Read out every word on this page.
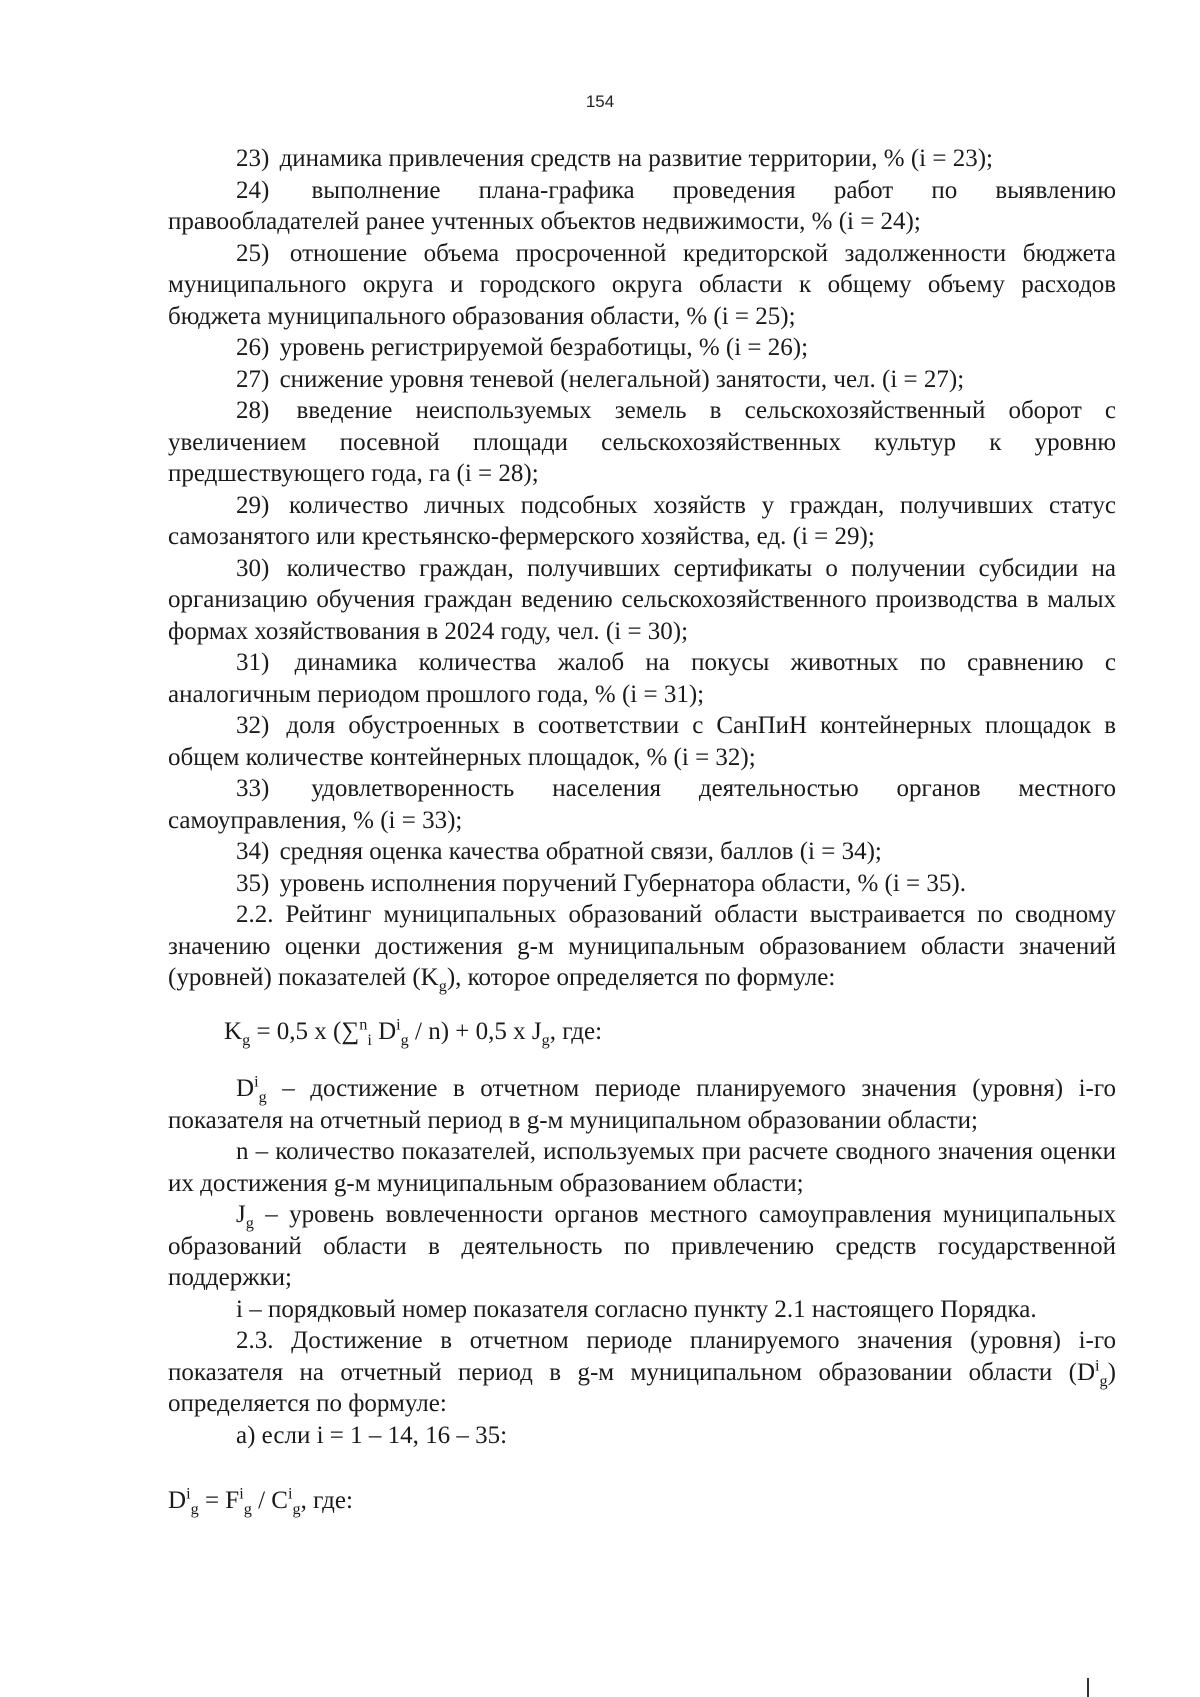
154

23) динамика привлечения средств на развитие территории, % (i = 23);

24) выполнение плана-графика проведения работ по выявлению правообладателей ранее учтенных объектов недвижимости, % (i = 24);

25) отношение объема просроченной кредиторской задолженности бюджета муниципального округа и городского округа области к общему объему расходов бюджета муниципального образования области, % (i = 25);

26) уровень регистрируемой безработицы, % (i = 26);

27) снижение уровня теневой (нелегальной) занятости, чел. (i = 27);

28) введение неиспользуемых земель в сельскохозяйственный оборот с увеличением посевной площади сельскохозяйственных культур к уровню предшествующего года, га (i = 28);

29) количество личных подсобных хозяйств у граждан, получивших статус самозанятого или крестьянско-фермерского хозяйства, ед. (i = 29);

30) количество граждан, получивших сертификаты о получении субсидии на организацию обучения граждан ведению сельскохозяйственного производства в малых формах хозяйствования в 2024 году, чел. (i = 30);

31) динамика количества жалоб на покусы животных по сравнению с аналогичным периодом прошлого года, % (i = 31);

32) доля обустроенных в соответствии с СанПиН контейнерных площадок в общем количестве контейнерных площадок, % (i = 32);

33) удовлетворенность населения деятельностью органов местного самоуправления, % (i = 33);

34) средняя оценка качества обратной связи, баллов (i = 34);

35) уровень исполнения поручений Губернатора области, % (i = 35).

2.2. Рейтинг муниципальных образований области выстраивается по сводному значению оценки достижения g-м муниципальным образованием области значений (уровней) показателей $(K_g)$, которое определяется по формуле:

$K_g = 0,5$ x (∑$^n_i$ $D^i_g / n) + 0,5$ x $J_g$, где:

$D^i_g$ – достижение в отчетном периоде планируемого значения (уровня) i-го показателя на отчетный период в g-м муниципальном образовании области;

n – количество показателей, используемых при расчете сводного значения оценки их достижения g-м муниципальным образованием области;

$J_g$ – уровень вовлеченности органов местного самоуправления муниципальных образований области в деятельность по привлечению средств государственной поддержки;

i – порядковый номер показателя согласно пункту 2.1 настоящего Порядка.

2.3. Достижение в отчетном периоде планируемого значения (уровня) i-го показателя на отчетный период в g-м муниципальном образовании области $(D^i_g)$ определяется по формуле:

а) если i = 1 – 14, 16 – 35:

$D^i_g = F^i_g / C^i_g$, где:
